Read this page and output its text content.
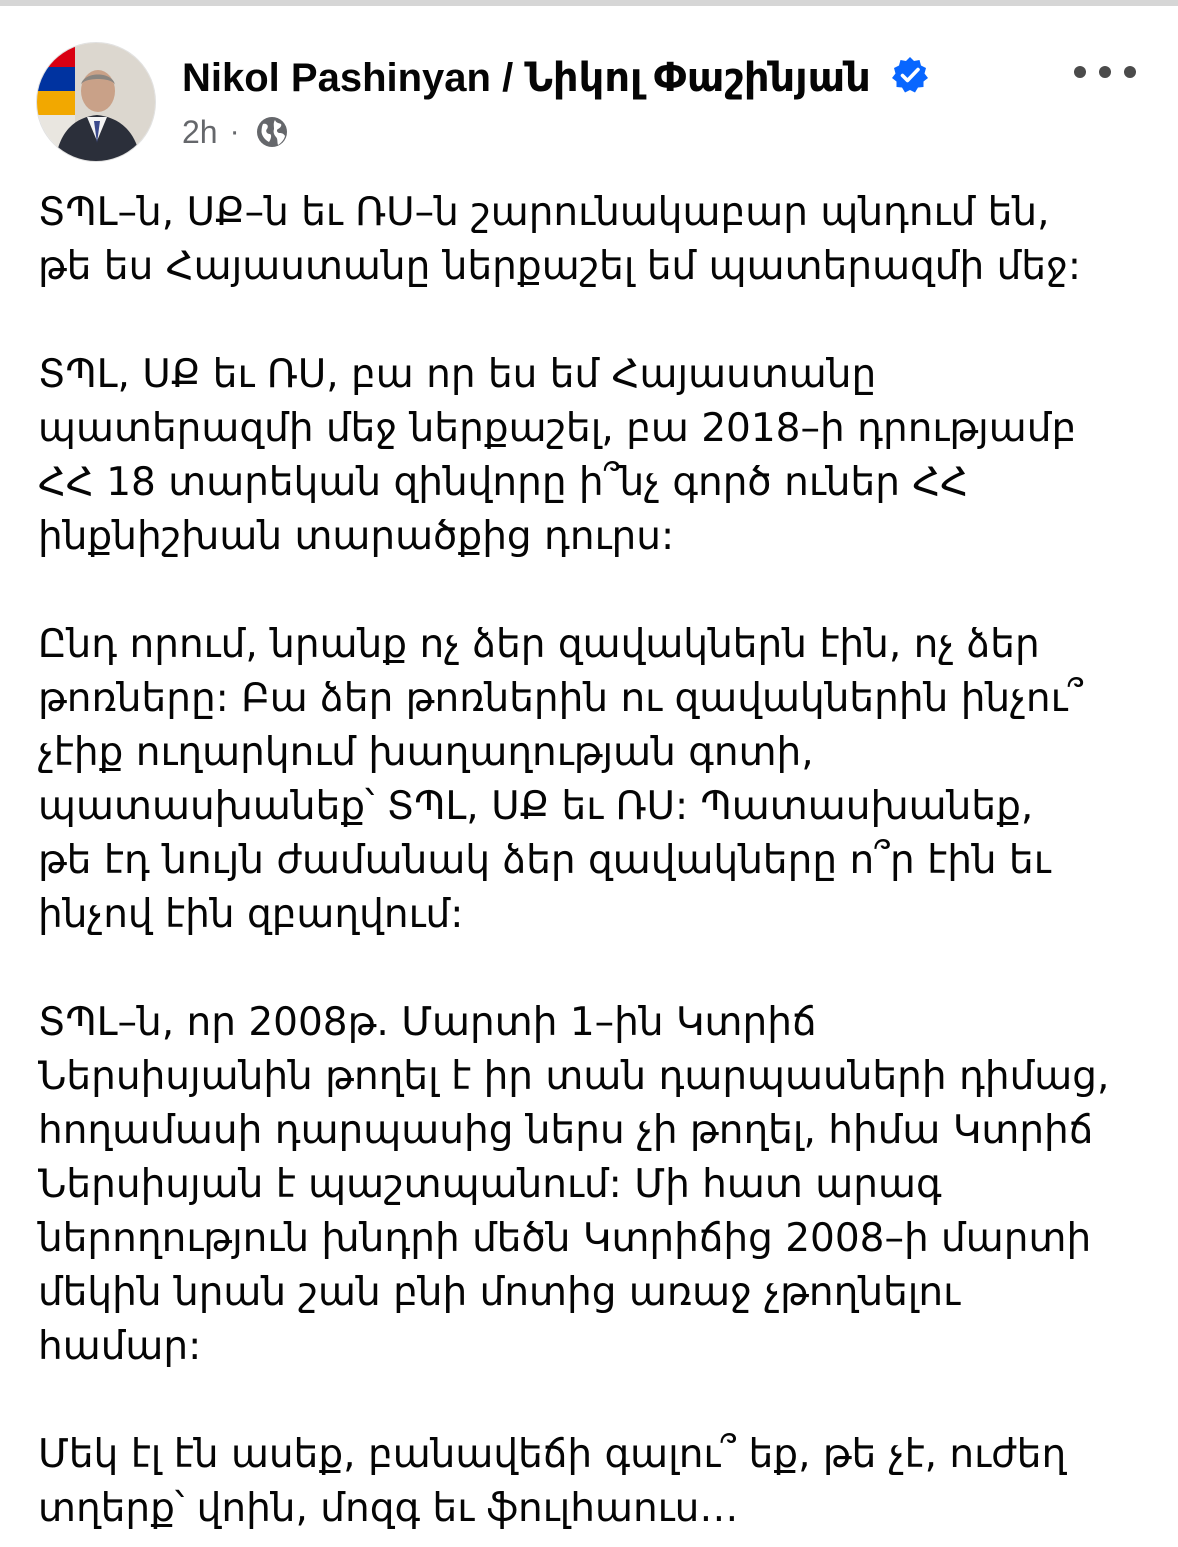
Nikol Pashinyan / Նիկոլ Փաշինյան
2h ·
ՏՊԼ–ն, ՍՔ–ն եւ ՌՍ–ն շարունակաբար պնդում են,
թե ես Հայաստանը ներքաշել եմ պատերազմի մեջ:
ՏՊԼ, ՍՔ եւ ՌՍ, բա որ ես եմ Հայաստանը
պատերազմի մեջ ներքաշել, բա 2018–ի դրությամբ
ՀՀ 18 տարեկան զինվորը ի՞նչ գործ ուներ ՀՀ
ինքնիշխան տարածքից դուրս:
Ընդ որում, նրանք ոչ ձեր զավակներն էին, ոչ ձեր
թոռները: Բա ձեր թոռներին ու զավակներին ինչու՞
չէիք ուղարկում խաղաղության գոտի,
պատասխանեք՝ ՏՊԼ, ՍՔ եւ ՌՍ: Պատասխանեք,
թե էդ նույն ժամանակ ձեր զավակները ո՞ր էին եւ
ինչով էին զբաղվում:
ՏՊԼ–ն, որ 2008թ. Մարտի 1–ին Կտրիճ
Ներսիսյանին թողել է իր տան դարպասների դիմաց,
հողամասի դարպասից ներս չի թողել, հիմա Կտրիճ
Ներսիսյան է պաշտպանում: Մի հատ արագ
ներողություն խնդրի մեծն Կտրիճից 2008–ի մարտի
մեկին նրան շան բնի մոտից առաջ չթողնելու
համար:
Մեկ էլ էն ասեք, բանավեճի գալու՞ եք, թե չէ, ուժեղ
տղերք՝ վոին, մոզգ եւ ֆուլհաուս…
